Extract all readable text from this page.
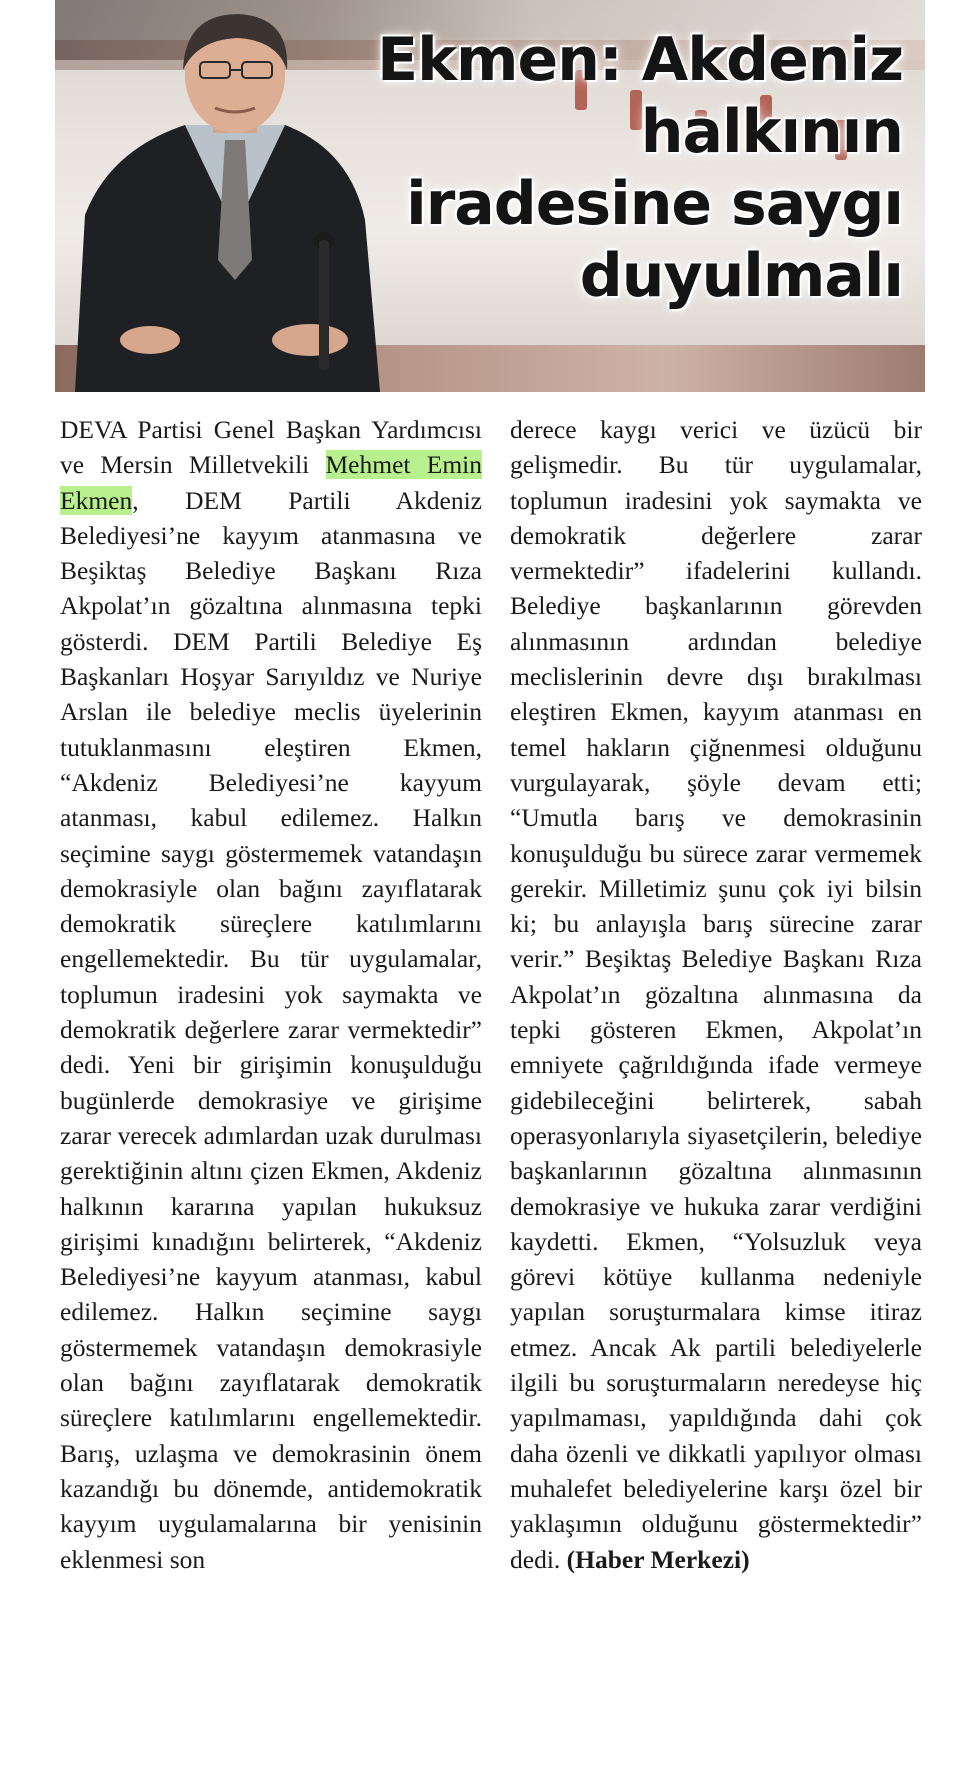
Ekmen: Akdeniz
halkının
iradesine saygı
duyulmalı

DEVA Partisi Genel Başkan Yardımcısı ve Mersin Milletvekili Mehmet Emin Ekmen, DEM Partili Akdeniz Belediyesi’ne kayyım atanmasına ve Beşiktaş Belediye Başkanı Rıza Akpolat’ın gözaltına alınmasına tepki gösterdi. DEM Partili Belediye Eş Başkanları Hoşyar Sarıyıldız ve Nuriye Arslan ile belediye meclis üyelerinin tutuklanmasını eleştiren Ekmen, “Akdeniz Belediyesi’ne kayyum atanması, kabul edilemez. Halkın seçimine saygı göstermemek vatandaşın demokrasiyle olan bağını zayıflatarak demokratik süreçlere katılımlarını engellemektedir. Bu tür uygulamalar, toplumun iradesini yok saymakta ve demokratik değerlere zarar vermektedir” dedi. Yeni bir girişimin konuşulduğu bugünlerde demokrasiye ve girişime zarar verecek adımlardan uzak durulması gerektiğinin altını çizen Ekmen, Akdeniz halkının kararına yapılan hukuksuz girişimi kınadığını belirterek, “Akdeniz Belediyesi’ne kayyum atanması, kabul edilemez. Halkın seçimine saygı göstermemek vatandaşın demokrasiyle olan bağını zayıflatarak demokratik süreçlere katılımlarını engellemektedir. Barış, uzlaşma ve demokrasinin önem kazandığı bu dönemde, antidemokratik kayyım uygulamalarına bir yenisinin eklenmesi son

derece kaygı verici ve üzücü bir gelişmedir. Bu tür uygulamalar, toplumun iradesini yok saymakta ve demokratik değerlere zarar vermektedir” ifadelerini kullandı. Belediye başkanlarının görevden alınmasının ardından belediye meclislerinin devre dışı bırakılması eleştiren Ekmen, kayyım atanması en temel hakların çiğnenmesi olduğunu vurgulayarak, şöyle devam etti; “Umutla barış ve demokrasinin konuşulduğu bu sürece zarar vermemek gerekir. Milletimiz şunu çok iyi bilsin ki; bu anlayışla barış sürecine zarar verir.” Beşiktaş Belediye Başkanı Rıza Akpolat’ın gözaltına alınmasına da tepki gösteren Ekmen, Akpolat’ın emniyete çağrıldığında ifade vermeye gidebileceğini belirterek, sabah operasyonlarıyla siyasetçilerin, belediye başkanlarının gözaltına alınmasının demokrasiye ve hukuka zarar verdiğini kaydetti. Ekmen, “Yolsuzluk veya görevi kötüye kullanma nedeniyle yapılan soruşturmalara kimse itiraz etmez. Ancak Ak partili belediyelerle ilgili bu soruşturmaların neredeyse hiç yapılmaması, yapıldığında dahi çok daha özenli ve dikkatli yapılıyor olması muhalefet belediyelerine karşı özel bir yaklaşımın olduğunu göstermektedir” dedi. (Haber Merkezi)
